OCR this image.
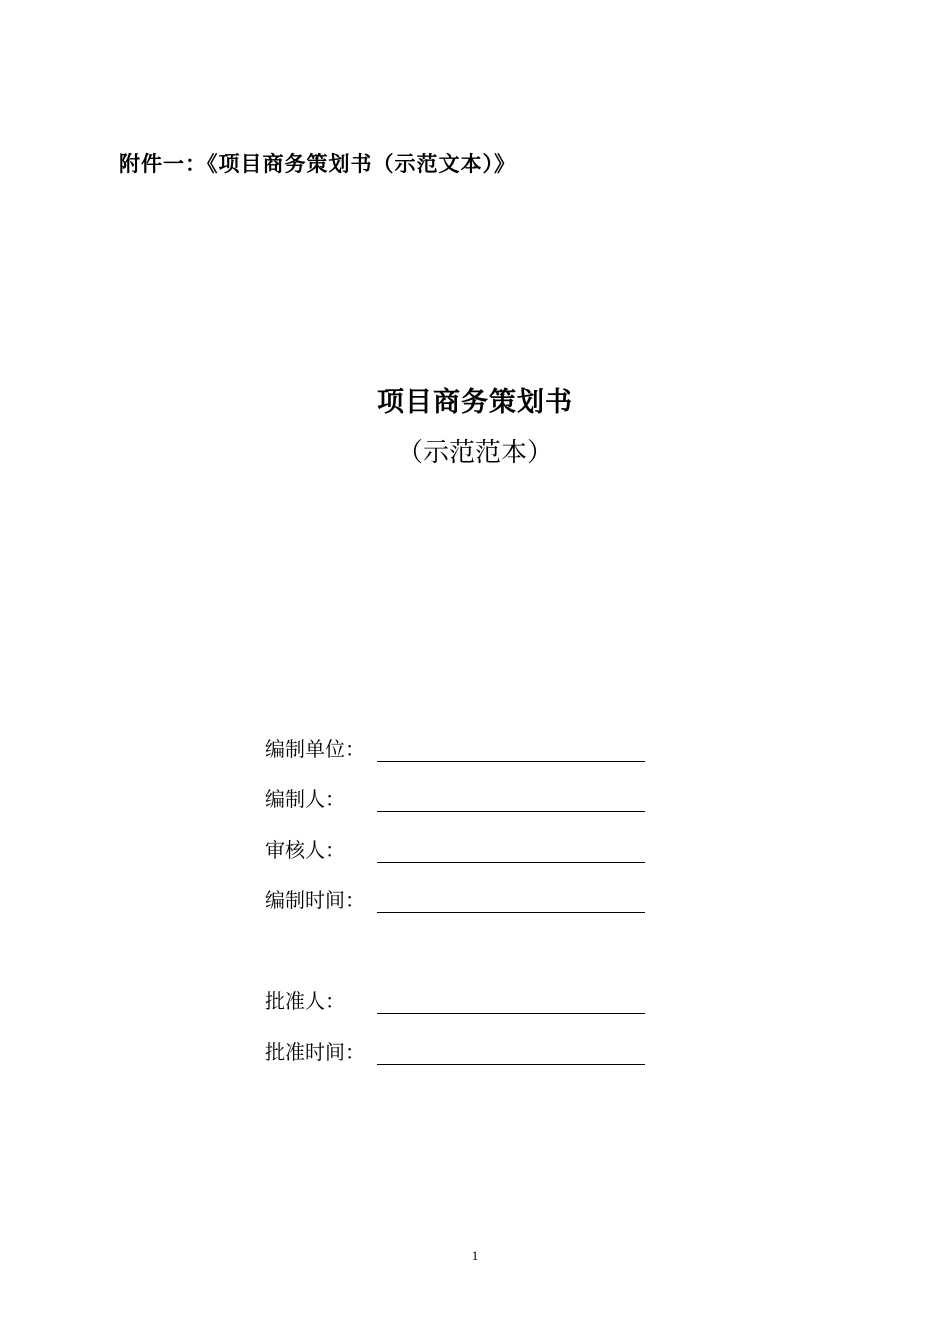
附件一：《项目商务策划书（示范文本）》
项目商务策划书
（示范范本）
编制单位：
编制人：
审核人：
编制时间：
批准人：
批准时间：
1
